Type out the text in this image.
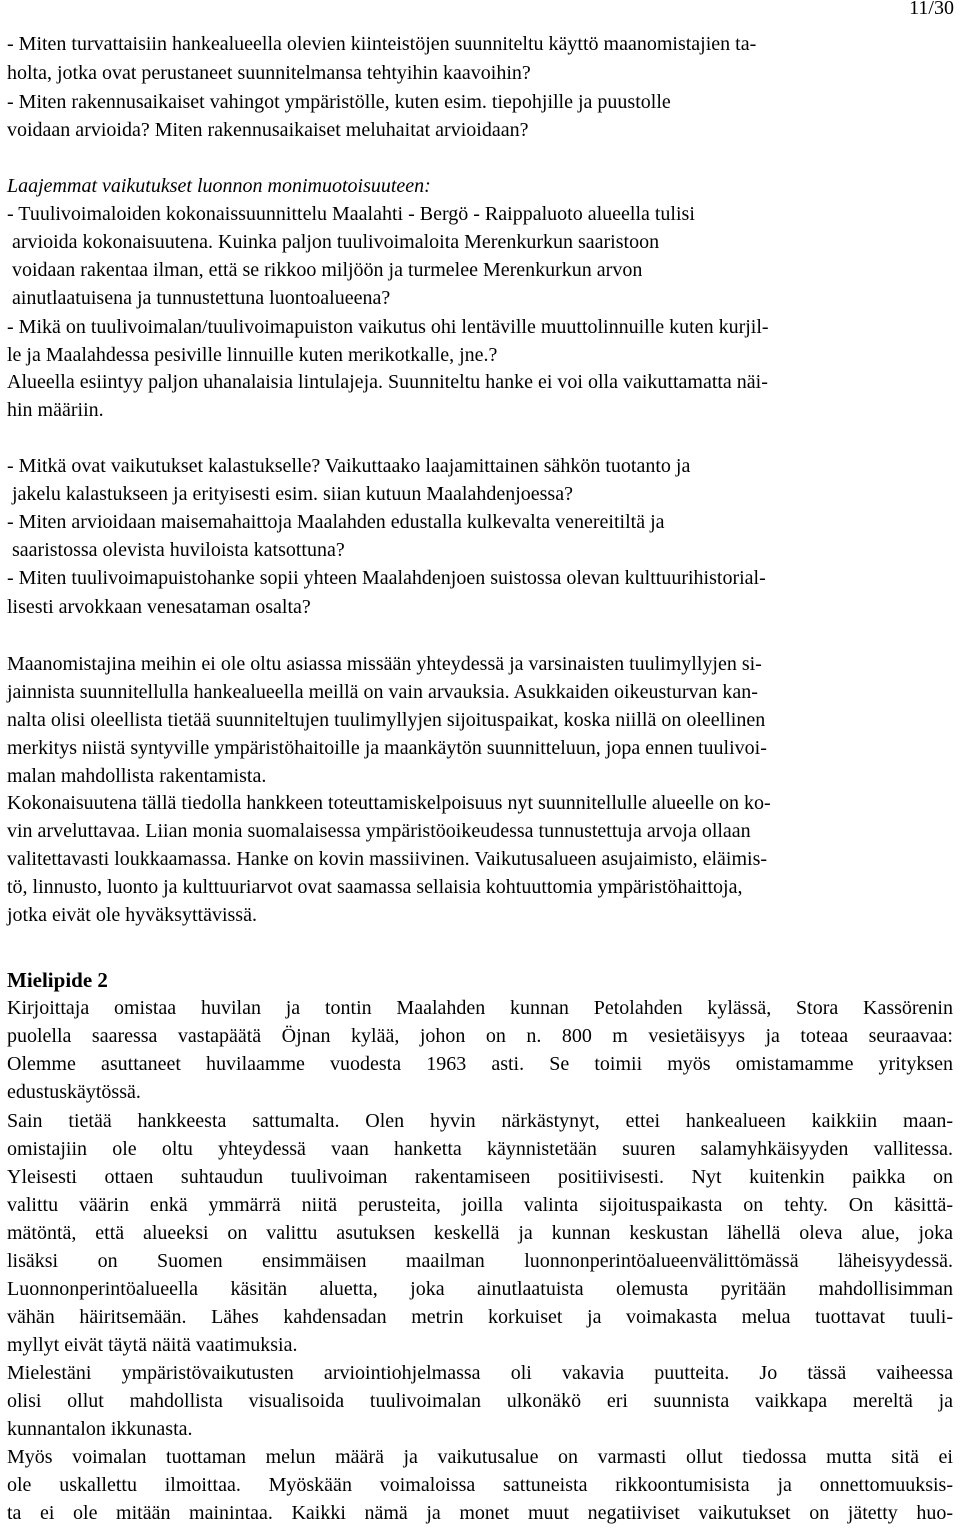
11/30

- Miten turvattaisiin hankealueella olevien kiinteistöjen suunniteltu käyttö maanomistajien ta-

holta, jotka ovat perustaneet suunnitelmansa tehtyihin kaavoihin?

- Miten rakennusaikaiset vahingot ympäristölle, kuten esim. tiepohjille ja puustolle

voidaan arvioida? Miten rakennusaikaiset meluhaitat arvioidaan?

Laajemmat vaikutukset luonnon monimuotoisuuteen:

- Tuulivoimaloiden kokonaissuunnittelu Maalahti - Bergö - Raippaluoto alueella tulisi

arvioida kokonaisuutena. Kuinka paljon tuulivoimaloita Merenkurkun saaristoon

voidaan rakentaa ilman, että se rikkoo miljöön ja turmelee Merenkurkun arvon

ainutlaatuisena ja tunnustettuna luontoalueena?

- Mikä on tuulivoimalan/tuulivoimapuiston vaikutus ohi lentäville muuttolinnuille kuten kurjil-

le ja Maalahdessa pesiville linnuille kuten merikotkalle, jne.?

Alueella esiintyy paljon uhanalaisia lintulajeja. Suunniteltu hanke ei voi olla vaikuttamatta näi-

hin määriin.

- Mitkä ovat vaikutukset kalastukselle? Vaikuttaako laajamittainen sähkön tuotanto ja

jakelu kalastukseen ja erityisesti esim. siian kutuun Maalahdenjoessa?

- Miten arvioidaan maisemahaittoja Maalahden edustalla kulkevalta venereitiltä ja

saaristossa olevista huviloista katsottuna?

- Miten tuulivoimapuistohanke sopii yhteen Maalahdenjoen suistossa olevan kulttuurihistorial-

lisesti arvokkaan venesataman osalta?

Maanomistajina meihin ei ole oltu asiassa missään yhteydessä ja varsinaisten tuulimyllyjen si-

jainnista suunnitellulla hankealueella meillä on vain arvauksia. Asukkaiden oikeusturvan kan-

nalta olisi oleellista tietää suunniteltujen tuulimyllyjen sijoituspaikat, koska niillä on oleellinen

merkitys niistä syntyville ympäristöhaitoille ja maankäytön suunnitteluun, jopa ennen tuulivoi-

malan mahdollista rakentamista.

Kokonaisuutena tällä tiedolla hankkeen toteuttamiskelpoisuus nyt suunnitellulle alueelle on ko-

vin arveluttavaa. Liian monia suomalaisessa ympäristöoikeudessa tunnustettuja arvoja ollaan

valitettavasti loukkaamassa. Hanke on kovin massiivinen. Vaikutusalueen asujaimisto, eläimis-

tö, linnusto, luonto ja kulttuuriarvot ovat saamassa sellaisia kohtuuttomia ympäristöhaittoja,

jotka eivät ole hyväksyttävissä.

Mielipide 2

Kirjoittaja omistaa huvilan ja tontin Maalahden kunnan Petolahden kylässä, Stora Kassörenin

puolella saaressa vastapäätä Öjnan kylää, johon on n. 800 m vesietäisyys ja toteaa seuraavaa:

Olemme asuttaneet huvilaamme vuodesta 1963 asti. Se toimii myös omistamamme yrityksen

edustuskäytössä.

Sain tietää hankkeesta sattumalta. Olen hyvin närkästynyt, ettei hankealueen kaikkiin maan-

omistajiin ole oltu yhteydessä vaan hanketta käynnistetään suuren salamyhkäisyyden vallitessa.

Yleisesti ottaen suhtaudun tuulivoiman rakentamiseen positiivisesti. Nyt kuitenkin paikka on

valittu väärin enkä ymmärrä niitä perusteita, joilla valinta sijoituspaikasta on tehty. On käsittä-

mätöntä, että alueeksi on valittu asutuksen keskellä ja kunnan keskustan lähellä oleva alue, joka

lisäksi on Suomen ensimmäisen maailman luonnonperintöalueenvälittömässä läheisyydessä.

Luonnonperintöalueella käsitän aluetta, joka ainutlaatuista olemusta pyritään mahdollisimman

vähän häiritsemään. Lähes kahdensadan metrin korkuiset ja voimakasta melua tuottavat tuuli-

myllyt eivät täytä näitä vaatimuksia.

Mielestäni ympäristövaikutusten arviointiohjelmassa oli vakavia puutteita. Jo tässä vaiheessa

olisi ollut mahdollista visualisoida tuulivoimalan ulkonäkö eri suunnista vaikkapa mereltä ja

kunnantalon ikkunasta.

Myös voimalan tuottaman melun määrä ja vaikutusalue on varmasti ollut tiedossa mutta sitä ei

ole uskallettu ilmoittaa. Myöskään voimaloissa sattuneista rikkoontumisista ja onnettomuuksis-

ta ei ole mitään mainintaa. Kaikki nämä ja monet muut negatiiviset vaikutukset on jätetty huo-
